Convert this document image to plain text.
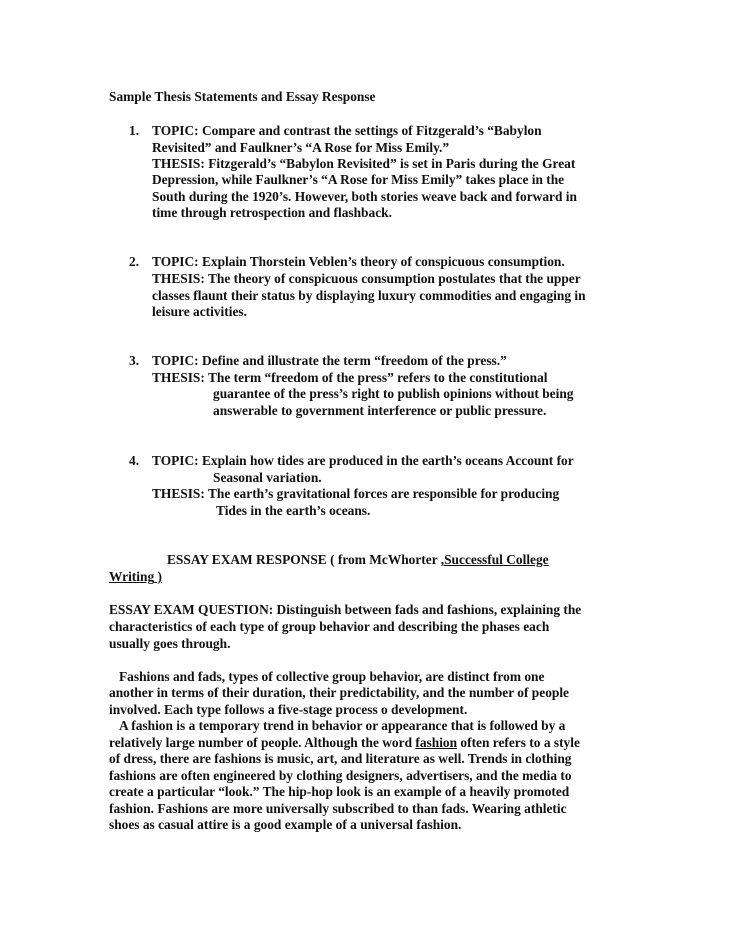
Sample Thesis Statements and Essay Response
1. TOPIC: Compare and contrast the settings of Fitzgerald’s “Babylon
Revisited” and Faulkner’s “A Rose for Miss Emily.”
THESIS: Fitzgerald’s “Babylon Revisited” is set in Paris during the Great
Depression, while Faulkner’s “A Rose for Miss Emily” takes place in the
South during the 1920’s. However, both stories weave back and forward in
time through retrospection and flashback.
2. TOPIC: Explain Thorstein Veblen’s theory of conspicuous consumption.
THESIS: The theory of conspicuous consumption postulates that the upper
classes flaunt their status by displaying luxury commodities and engaging in
leisure activities.
3. TOPIC: Define and illustrate the term “freedom of the press.”
THESIS: The term “freedom of the press” refers to the constitutional
guarantee of the press’s right to publish opinions without being
answerable to government interference or public pressure.
4. TOPIC: Explain how tides are produced in the earth’s oceans Account for
Seasonal variation.
THESIS: The earth’s gravitational forces are responsible for producing
Tides in the earth’s oceans.
ESSAY EXAM RESPONSE ( from McWhorter ,Successful College
Writing )
ESSAY EXAM QUESTION: Distinguish between fads and fashions, explaining the
characteristics of each type of group behavior and describing the phases each
usually goes through.
Fashions and fads, types of collective group behavior, are distinct from one
another in terms of their duration, their predictability, and the number of people
involved. Each type follows a five-stage process o development.
A fashion is a temporary trend in behavior or appearance that is followed by a
relatively large number of people. Although the word fashion often refers to a style
of dress, there are fashions is music, art, and literature as well. Trends in clothing
fashions are often engineered by clothing designers, advertisers, and the media to
create a particular “look.” The hip-hop look is an example of a heavily promoted
fashion. Fashions are more universally subscribed to than fads. Wearing athletic
shoes as casual attire is a good example of a universal fashion.
